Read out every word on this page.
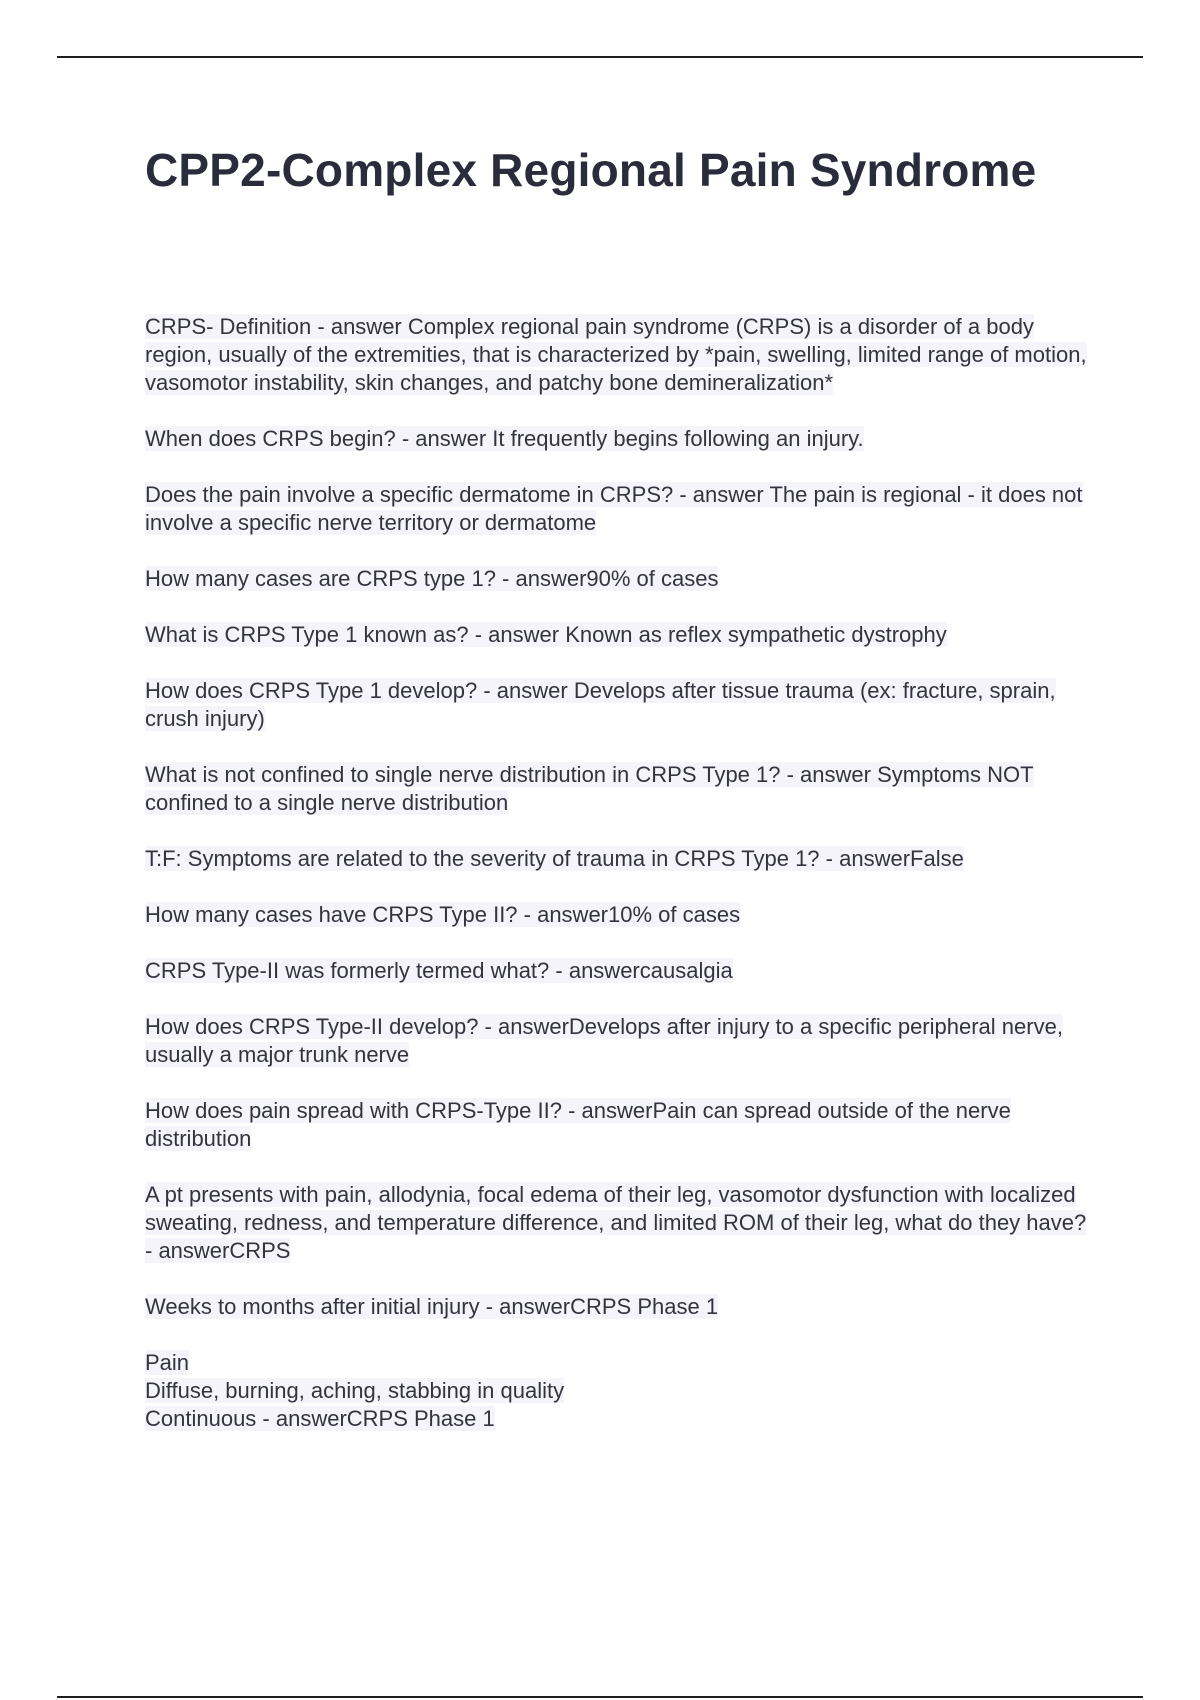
CPP2-Complex Regional Pain Syndrome
CRPS- Definition - answer Complex regional pain syndrome (CRPS) is a disorder of a body region, usually of the extremities, that is characterized by *pain, swelling, limited range of motion, vasomotor instability, skin changes, and patchy bone demineralization*
When does CRPS begin? - answer It frequently begins following an injury.
Does the pain involve a specific dermatome in CRPS? - answer The pain is regional - it does not involve a specific nerve territory or dermatome
How many cases are CRPS type 1? - answer90% of cases
What is CRPS Type 1 known as? - answer Known as reflex sympathetic dystrophy
How does CRPS Type 1 develop? - answer Develops after tissue trauma (ex: fracture, sprain, crush injury)
What is not confined to single nerve distribution in CRPS Type 1? - answer Symptoms NOT confined to a single nerve distribution
T:F: Symptoms are related to the severity of trauma in CRPS Type 1? - answerFalse
How many cases have CRPS Type II? - answer10% of cases
CRPS Type-II was formerly termed what? - answercausalgia
How does CRPS Type-II develop? - answerDevelops after injury to a specific peripheral nerve, usually a major trunk nerve
How does pain spread with CRPS-Type II? - answerPain can spread outside of the nerve distribution
A pt presents with pain, allodynia, focal edema of their leg, vasomotor dysfunction with localized sweating, redness, and temperature difference, and limited ROM of their leg, what do they have? - answerCRPS
Weeks to months after initial injury - answerCRPS Phase 1
Pain
Diffuse, burning, aching, stabbing in quality
Continuous - answerCRPS Phase 1
